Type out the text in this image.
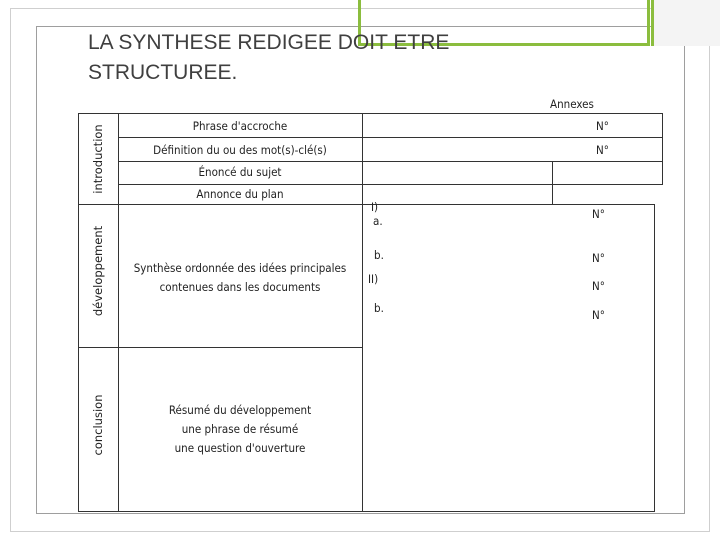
LA SYNTHESE REDIGEE DOIT ETRE
STRUCTUREE.
introduction
développement
conclusion
Annexes
Phrase d'accroche	N°
Définition du ou des mot(s)-clé(s)	N°
Énoncé du sujet
Annonce du plan
Synthèse ordonnée des idées principales
contenues dans les documents
I)
a.
b.
II)
b.
N°
N°
N°
N°
Résumé du développement
une phrase de résumé
une question d'ouverture
